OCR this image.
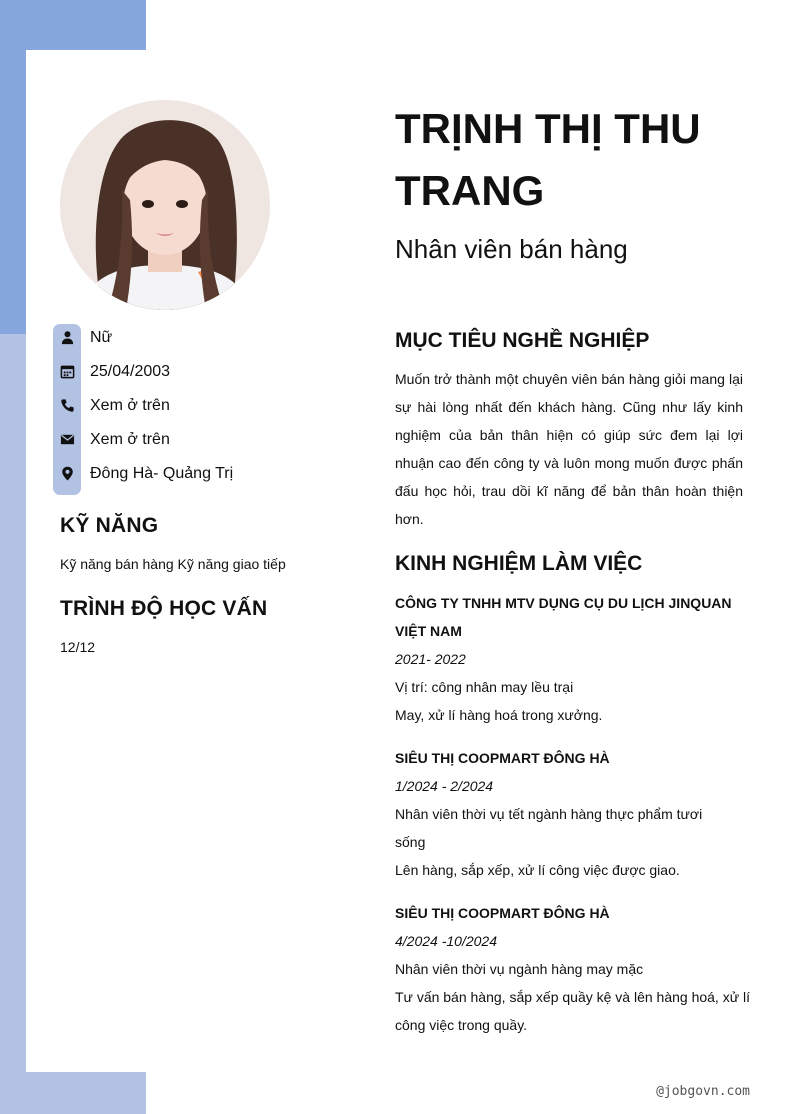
Nữ
25/04/2003
Xem ở trên
Xem ở trên
Đông Hà- Quảng Trị
KỸ NĂNG
Kỹ năng bán hàng Kỹ năng giao tiếp
TRÌNH ĐỘ HỌC VẤN
12/12
TRỊNH THỊ THU TRANG
Nhân viên bán hàng
MỤC TIÊU NGHỀ NGHIỆP
Muốn trở thành một chuyên viên bán hàng giỏi mang lại sự hài lòng nhất đến khách hàng. Cũng như lấy kinh nghiệm của bản thân hiện có giúp sức đem lại lợi nhuận cao đến công ty và luôn mong muốn được phấn đấu học hỏi, trau dồi kĩ năng để bản thân hoàn thiện hơn.
KINH NGHIỆM LÀM VIỆC
CÔNG TY TNHH MTV DỤNG CỤ DU LỊCH JINQUAN VIỆT NAM
2021- 2022
Vị trí: công nhân may lều trại
May, xử lí hàng hoá trong xưởng.
SIÊU THỊ COOPMART ĐÔNG HÀ
1/2024 - 2/2024
Nhân viên thời vụ tết ngành hàng thực phẩm tươi sống
Lên hàng, sắp xếp, xử lí công việc được giao.
SIÊU THỊ COOPMART ĐÔNG HÀ
4/2024 -10/2024
Nhân viên thời vụ ngành hàng may mặc
Tư vấn bán hàng, sắp xếp quầy kệ và lên hàng hoá, xử lí công việc trong quầy.
@jobgovn.com
